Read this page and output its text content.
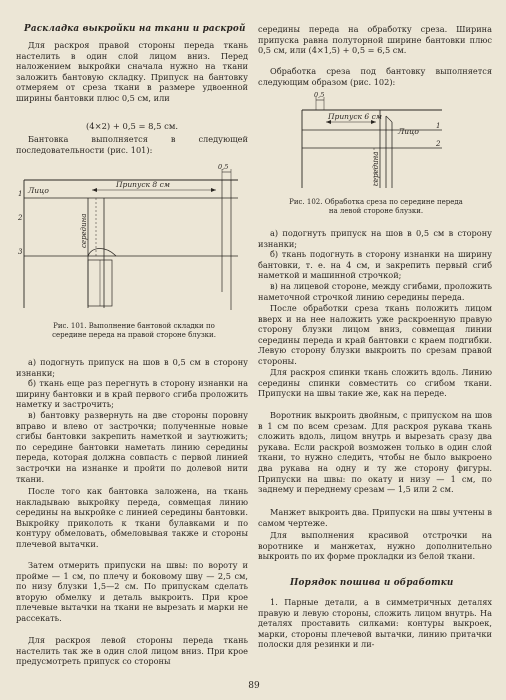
Раскладка выкройки на ткани и раскрой

Для раскроя правой стороны переда ткань настелить в один слой лицом вниз. Перед наложением выкройки сначала нужно на ткани заложить бантовую складку. Припуск на бантовку отмеряем от среза ткани в размере удвоенной ширины бантовки плюс 0,5 см, или

(4×2) + 0,5 = 8,5 см.

Бантовка выполняется в следующей последовательности (рис. 101):

0,5
1
2
3
Лицо
Припуск 8 см
середина
Рис. 101. Выполнение бантовой складки по середине переда на правой стороне блузки.

а) подогнуть припуск на шов в 0,5 см в сторону изнанки;

б) ткань еще раз перегнуть в сторону изнанки на ширину бантовки и в край первого сгиба проложить наметку и застрочить;

в) бантовку развернуть на две стороны поровну вправо и влево от застрочки; полученные новые сгибы бантовки закрепить наметкой и заутюжить; по середине бантовки наметать линию середины переда, которая должна совпасть с первой линией застрочки на изнанке и пройти по долевой нити ткани.

После того как бантовка заложена, на ткань накладываю выкройку переда, совмещая линию середины на выкройке с линией середины бантовки. Выкройку приколоть к ткани булавками и по контуру обмеловать, обмеловывая также и стороны плечевой вытачки.

Затем отмерить припуски на швы: по вороту и пройме — 1 см, по плечу и боковому шву — 2,5 см, по низу блузки 1,5—2 см. По припускам сделать вторую обмелку и деталь выкроить. При крое плечевые вытачки на ткани не вырезать и марки не рассекать.

Для раскроя левой стороны переда ткань настелить так же в один слой лицом вниз. При крое предусмотреть припуск со стороны

середины переда на обработку среза. Ширина припуска равна полуторной ширине бантовки плюс 0,5 см, или (4×1,5) + 0,5 = 6,5 см.

Обработка среза под бантовку выполняется следующим образом (рис. 102):

0,5
Припуск 6 см
Лицо
1
2
середина
Рис. 102. Обработка среза по середине переда на левой стороне блузки.

а) подогнуть припуск на шов в 0,5 см в сторону изнанки;

б) ткань подогнуть в сторону изнанки на ширину бантовки, т. е. на 4 см, и закрепить первый сгиб наметкой и машинной строчкой;

в) на лицевой стороне, между сгибами, проложить наметочной строчкой линию середины переда.

После обработки среза ткань положить лицом вверх и на нее наложить уже раскроенную правую сторону блузки лицом вниз, совмещая линии середины переда и край бантовки с краем подгибки. Левую сторону блузки выкроить по срезам правой стороны.

Для раскроя спинки ткань сложить вдоль. Линию середины спинки совместить со сгибом ткани. Припуски на швы такие же, как на переде.

Воротник выкроить двойным, с припуском на шов в 1 см по всем срезам. Для раскроя рукава ткань сложить вдоль, лицом внутрь и вырезать сразу два рукава. Если раскрой возможен только в один слой ткани, то нужно следить, чтобы не было выкроено два рукава на одну и ту же сторону фигуры. Припуски на швы: по окату и низу — 1 см, по заднему и переднему срезам — 1,5 или 2 см.

Манжет выкроить два. Припуски на швы учтены в самом чертеже.

Для выполнения красивой отстрочки на воротнике и манжетах, нужно дополнительно выкроить по их форме прокладки из белой ткани.

Порядок пошива и обработки

1. Парные детали, а в симметричных деталях правую и левую стороны, сложить лицом внутрь. На деталях проставить силками: контуры выкроек, марки, стороны плечевой вытачки, линию притачки полоски для резинки и ли-

89
